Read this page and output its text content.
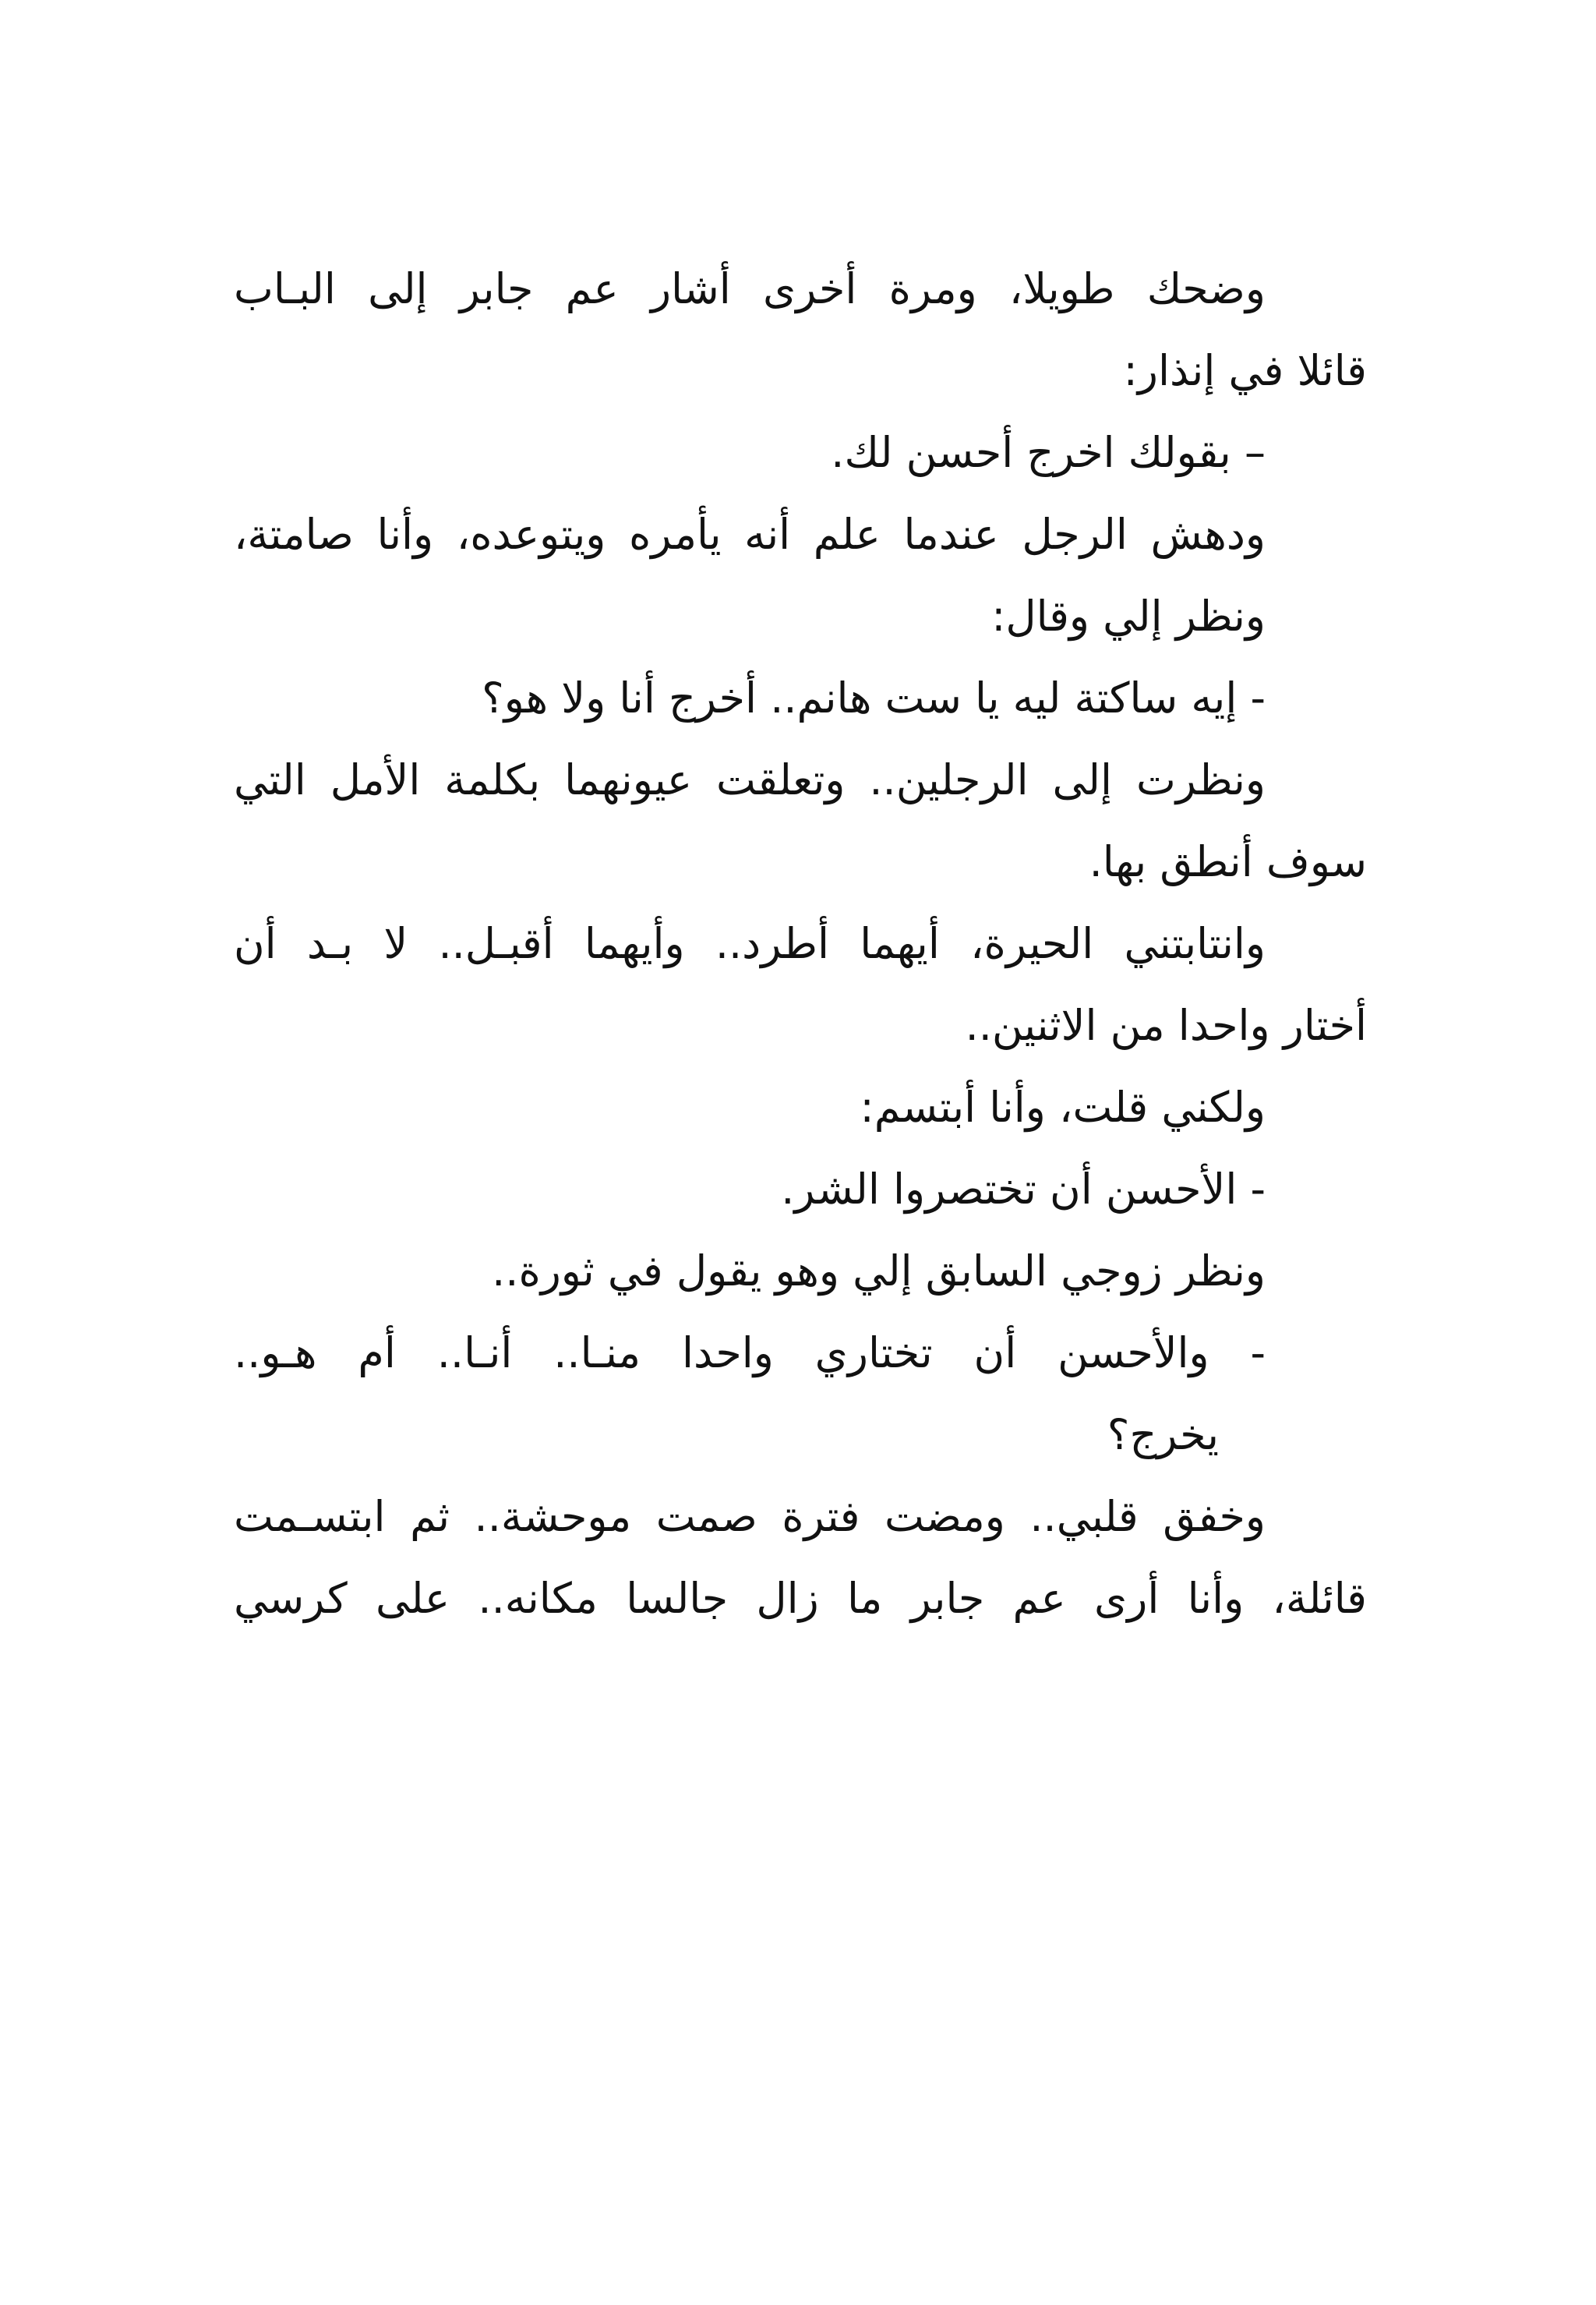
وضحك طويلا، ومرة أخرى أشار عم جابر إلى البـاب
قائلا في إنذار:
– بقولك اخرج أحسن لك.
ودهش الرجل عندما علم أنه يأمره ويتوعده، وأنا صامتة،
ونظر إلي وقال:
- إيه ساكتة ليه يا ست هانم.. أخرج أنا ولا هو؟
ونظرت إلى الرجلين.. وتعلقت عيونهما بكلمة الأمل التي
سوف أنطق بها.
وانتابتني الحيرة، أيهما أطرد.. وأيهما أقبـل.. لا بـد أن
أختار واحدا من الاثنين..
ولكني قلت، وأنا أبتسم:
- الأحسن أن تختصروا الشر.
ونظر زوجي السابق إلي وهو يقول في ثورة..
- والأحسن أن تختاري واحدا منـا.. أنـا.. أم هـو..
يخرج؟
وخفق قلبي.. ومضت فترة صمت موحشة.. ثم ابتسـمت
قائلة، وأنا أرى عم جابر ما زال جالسا مكانه.. على كرسي
